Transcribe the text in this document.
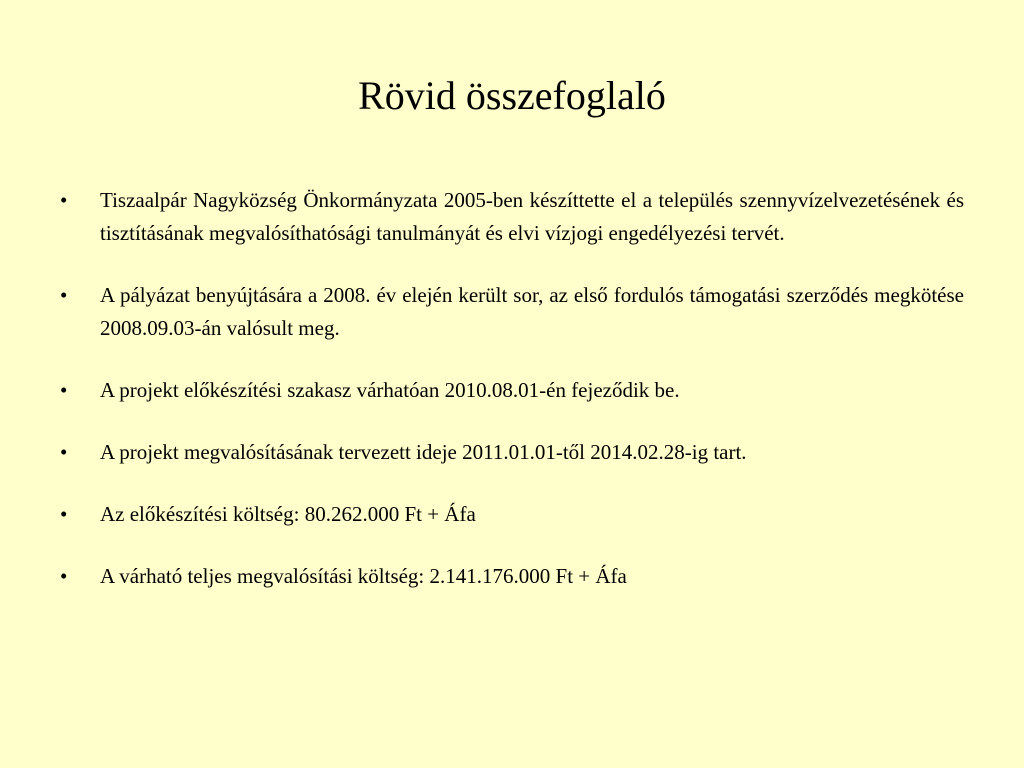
Rövid összefoglaló
•	Tiszaalpár Nagyközség Önkormányzata 2005-ben készíttette el a település szennyvízelvezetésének és tisztításának megvalósíthatósági tanulmányát és elvi vízjogi engedélyezési tervét.
•	A pályázat benyújtására a 2008. év elején került sor, az első fordulós támogatási szerződés megkötése 2008.09.03-án valósult meg.
•	A projekt előkészítési szakasz várhatóan 2010.08.01-én fejeződik be.
•	A projekt megvalósításának tervezett ideje 2011.01.01-től 2014.02.28-ig tart.
•	Az előkészítési költség: 80.262.000 Ft + Áfa
•	A várható teljes megvalósítási költség: 2.141.176.000 Ft + Áfa
